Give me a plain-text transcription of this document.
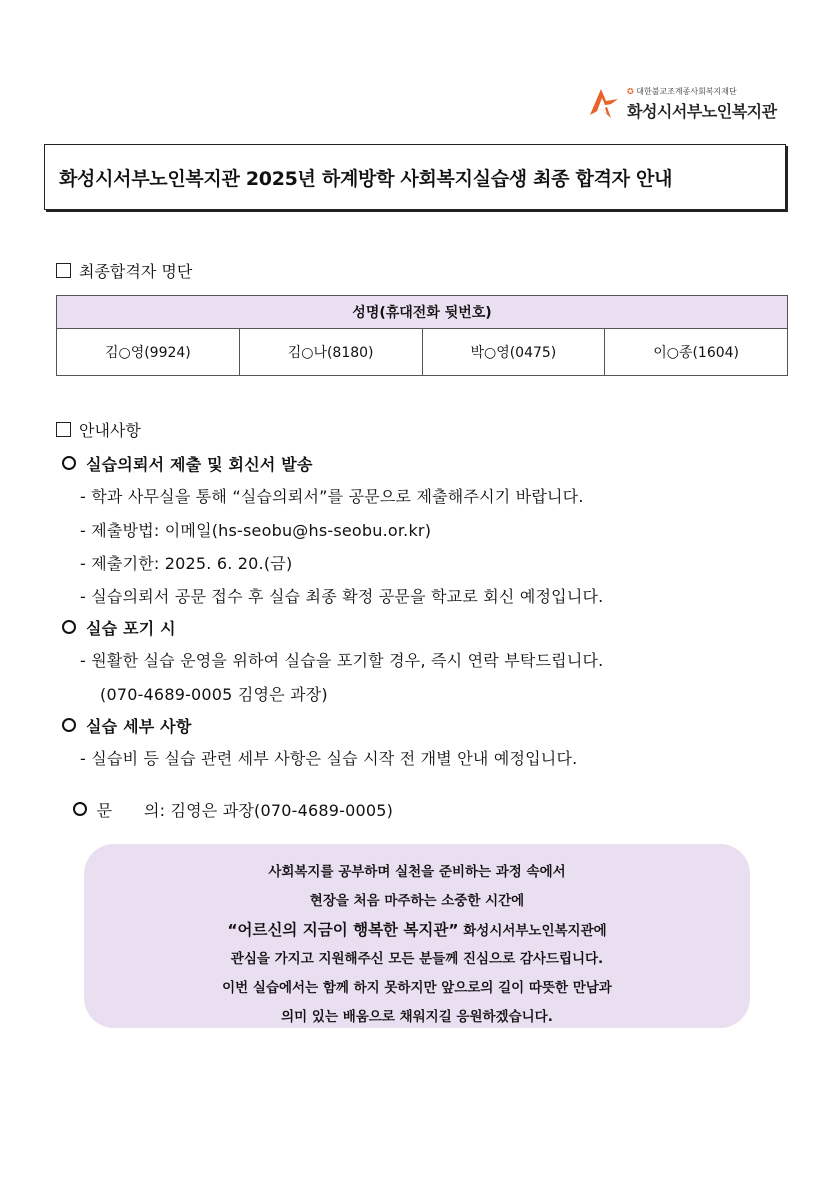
✪ 대한불교조계종사회복지재단
화성시서부노인복지관
화성시서부노인복지관 2025년 하계방학 사회복지실습생 최종 합격자 안내
최종합격자 명단
성명(휴대전화 뒷번호)
김○영(9924)	김○나(8180)	박○영(0475)	이○종(1604)
안내사항
실습의뢰서 제출 및 회신서 발송
- 학과 사무실을 통해 “실습의뢰서”를 공문으로 제출해주시기 바랍니다.
- 제출방법: 이메일(hs-seobu@hs-seobu.or.kr)
- 제출기한: 2025. 6. 20.(금)
- 실습의뢰서 공문 접수 후 실습 최종 확정 공문을 학교로 회신 예정입니다.
실습 포기 시
- 원활한 실습 운영을 위하여 실습을 포기할 경우, 즉시 연락 부탁드립니다.
(070-4689-0005 김영은 과장)
실습 세부 사항
- 실습비 등 실습 관련 세부 사항은 실습 시작 전 개별 안내 예정입니다.

문      의: 김영은 과장(070-4689-0005)

사회복지를 공부하며 실천을 준비하는 과정 속에서
현장을 처음 마주하는 소중한 시간에
“어르신의 지금이 행복한 복지관” 화성시서부노인복지관에
관심을 가지고 지원해주신 모든 분들께 진심으로 감사드립니다.
이번 실습에서는 함께 하지 못하지만 앞으로의 길이 따뜻한 만남과
의미 있는 배움으로 채워지길 응원하겠습니다.
